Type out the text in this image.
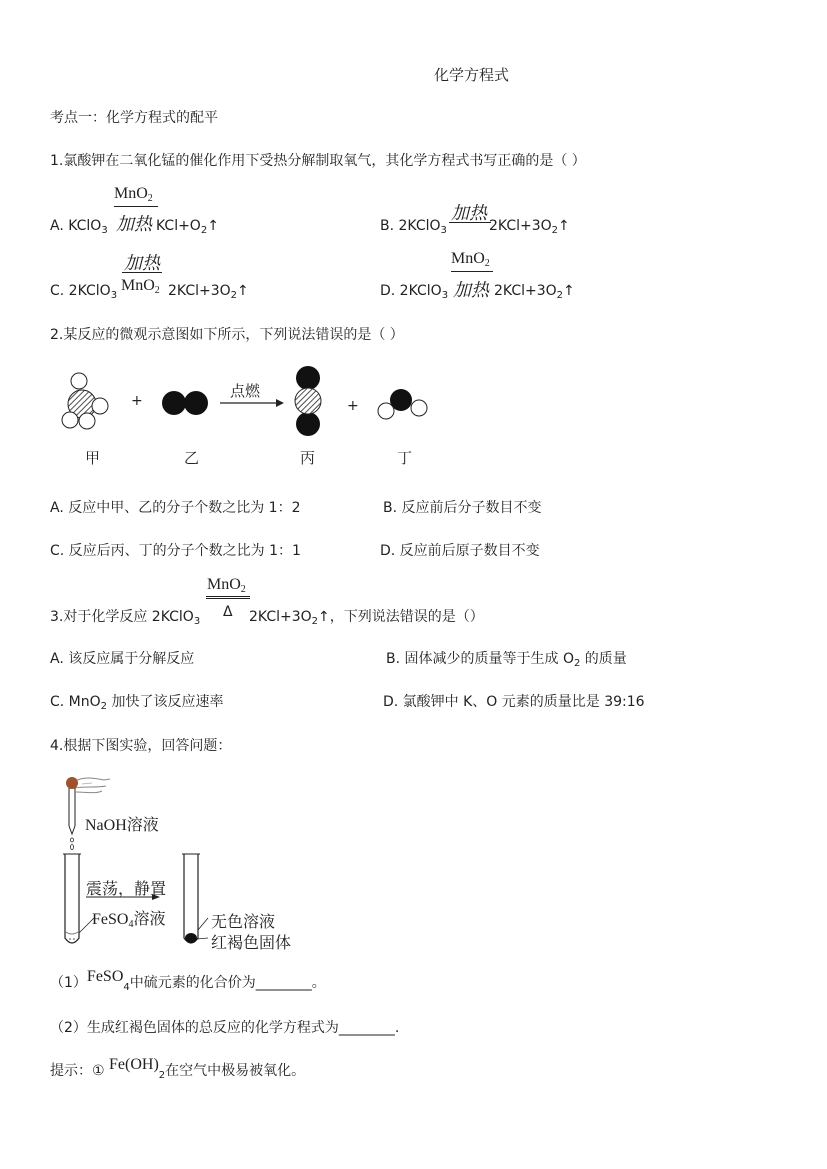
化学方程式
考点一：化学方程式的配平
1.氯酸钾在二氧化锰的催化作用下受热分解制取氧气，其化学方程式书写正确的是（ ）
MnO$_2$
加热
A. KClO$_3$	$KCl+O_2↑$
加热
B. 2KClO$_3$	$2KCl+3O_2↑$
加热
MnO$_2$
C. 2KClO$_3$	$2KCl+3O_2↑$
MnO$_2$
加热
D. 2KClO$_3$	$2KCl+3O_2↑$
2.某反应的微观示意图如下所示，下列说法错误的是（ ）
+
点燃
+
甲	乙	丙	丁
A. 反应中甲、乙的分子个数之比为 1：2	B. 反应前后分子数目不变
C. 反应后丙、丁的分子个数之比为 1：1	D. 反应前后原子数目不变
MnO$_2$
Δ
3.对于化学反应 2KClO$_3$	$2KCl+3O_2↑$，下列说法错误的是（）
A. 该反应属于分解反应	B. 固体减少的质量等于生成 $O_2$ 的质量
C. MnO$_2$ 加快了该反应速率	D. 氯酸钾中 K、O 元素的质量比是 39:16
4.根据下图实验，回答问题：
NaOH溶液
震荡，静置
FeSO$_4$溶液	无色溶液
红褐色固体
（1）FeSO$_4$中硫元素的化合价为________。
（2）生成红褐色固体的总反应的化学方程式为________.
提示：① $Fe(OH)_2$在空气中极易被氧化。
